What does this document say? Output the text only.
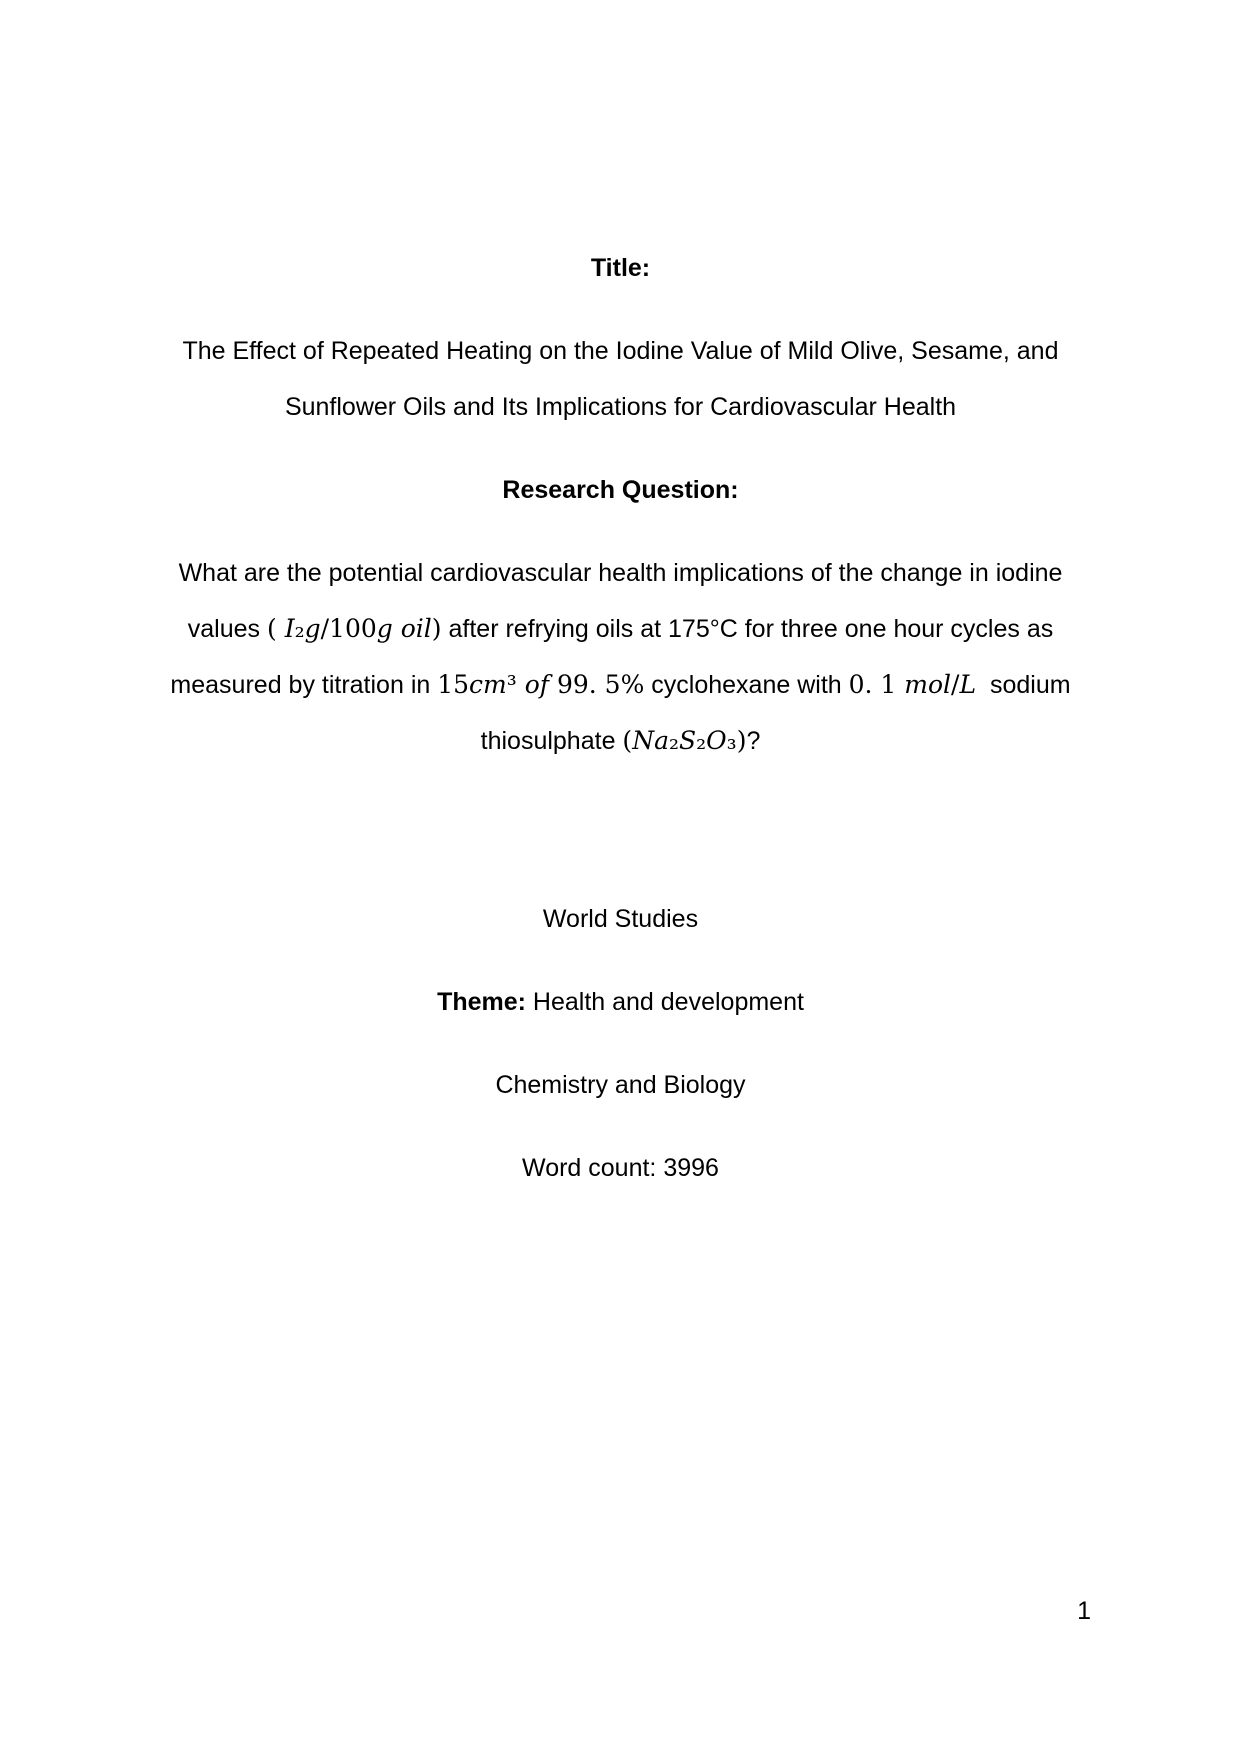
Title:
The Effect of Repeated Heating on the Iodine Value of Mild Olive, Sesame, and
Sunflower Oils and Its Implications for Cardiovascular Health
Research Question:
What are the potential cardiovascular health implications of the change in iodine
values ( I₂g/100g oil) after refrying oils at 175°C for three one hour cycles as
measured by titration in 15cm³ of 99. 5% cyclohexane with 0. 1 mol/L  sodium
thiosulphate (Na₂S₂O₃)?
World Studies
Theme: Health and development
Chemistry and Biology
Word count: 3996
1
